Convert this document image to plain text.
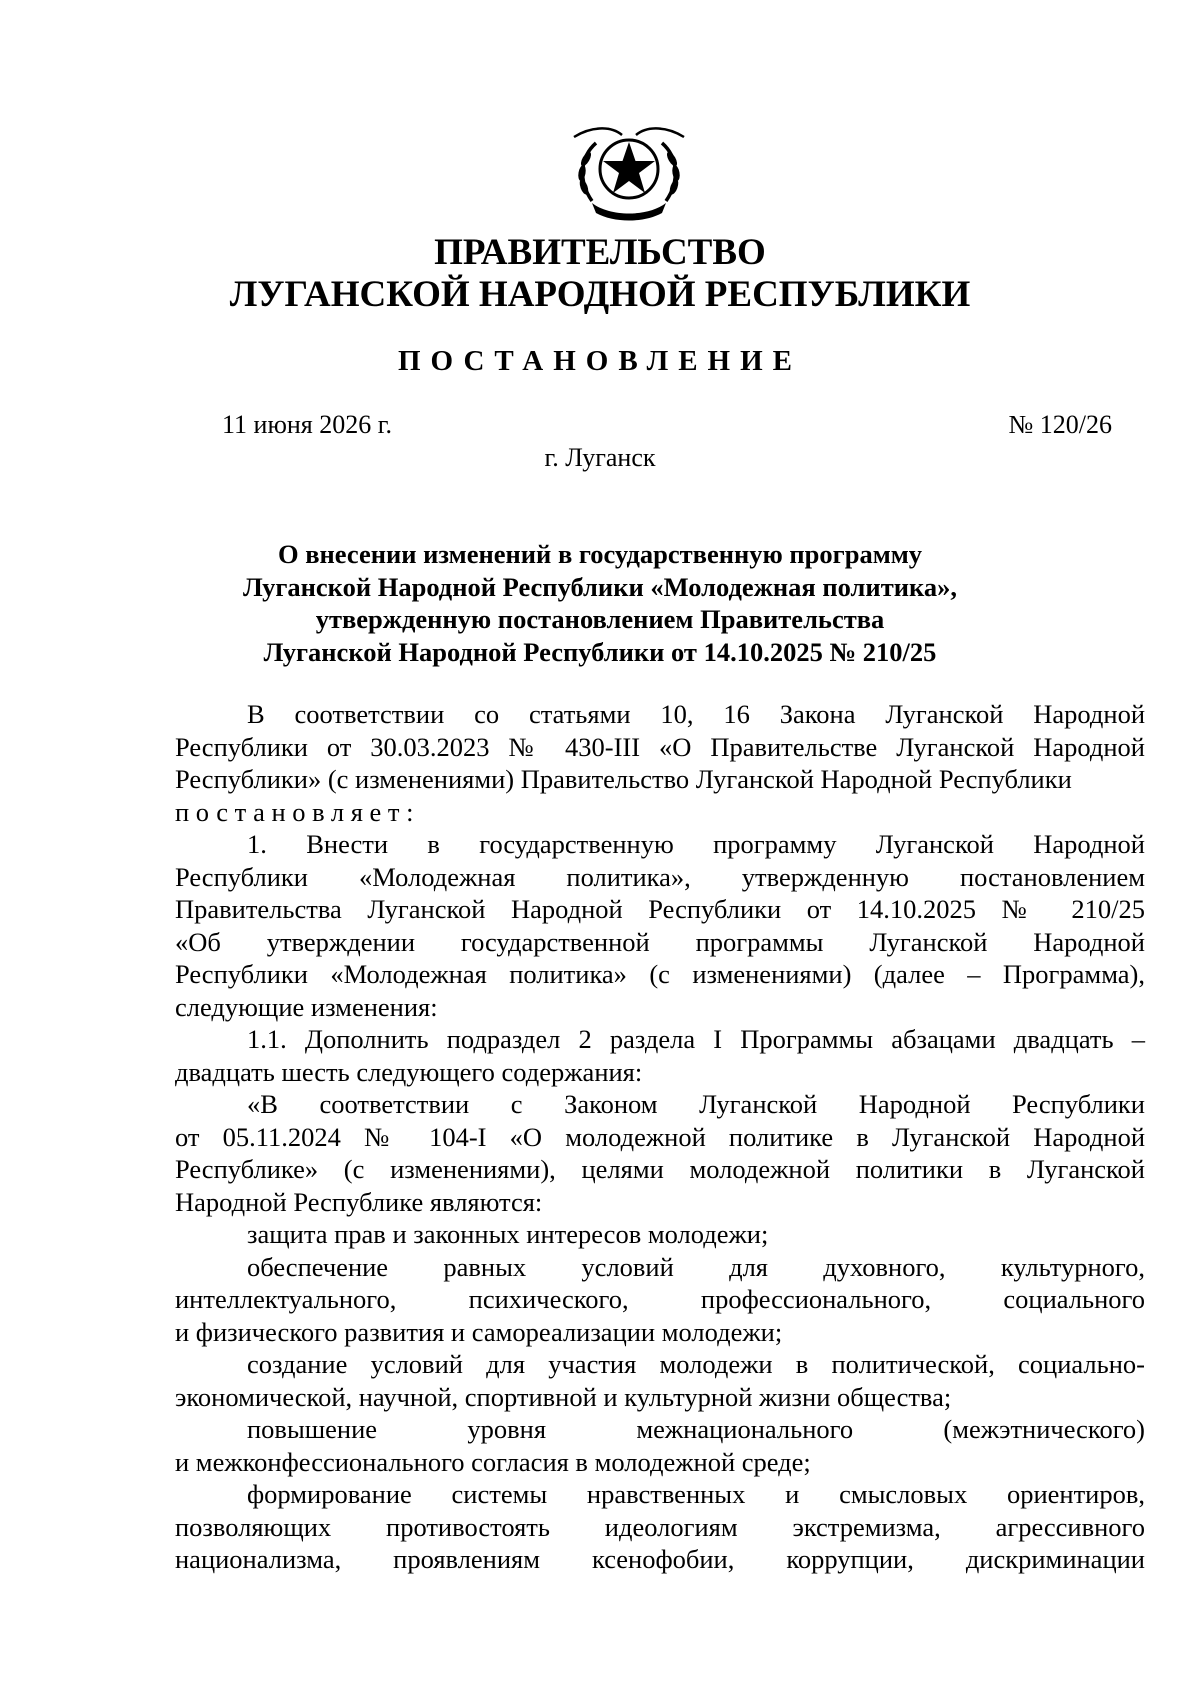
ПРАВИТЕЛЬСТВО
ЛУГАНСКОЙ НАРОДНОЙ РЕСПУБЛИКИ
ПОСТАНОВЛЕНИЕ
11 июня 2026 г.	№ 120/26
г. Луганск
О внесении изменений в государственную программу
Луганской Народной Республики «Молодежная политика»,
утвержденную постановлением Правительства
Луганской Народной Республики от 14.10.2025 № 210/25
В соответствии со статьями 10, 16 Закона Луганской Народной
Республики от 30.03.2023 № 430-III «О Правительстве Луганской Народной
Республики» (с изменениями) Правительство Луганской Народной Республики
постановляет:
1. Внести в государственную программу Луганской Народной
Республики «Молодежная политика», утвержденную постановлением
Правительства Луганской Народной Республики от 14.10.2025 № 210/25
«Об утверждении государственной программы Луганской Народной
Республики «Молодежная политика» (с изменениями) (далее – Программа),
следующие изменения:
1.1. Дополнить подраздел 2 раздела I Программы абзацами двадцать –
двадцать шесть следующего содержания:
«В соответствии с Законом Луганской Народной Республики
от 05.11.2024 № 104-I «О молодежной политике в Луганской Народной
Республике» (с изменениями), целями молодежной политики в Луганской
Народной Республике являются:
защита прав и законных интересов молодежи;
обеспечение равных условий для духовного, культурного,
интеллектуального, психического, профессионального, социального
и физического развития и самореализации молодежи;
создание условий для участия молодежи в политической, социально-
экономической, научной, спортивной и культурной жизни общества;
повышение уровня межнационального (межэтнического)
и межконфессионального согласия в молодежной среде;
формирование системы нравственных и смысловых ориентиров,
позволяющих противостоять идеологиям экстремизма, агрессивного
национализма, проявлениям ксенофобии, коррупции, дискриминации
